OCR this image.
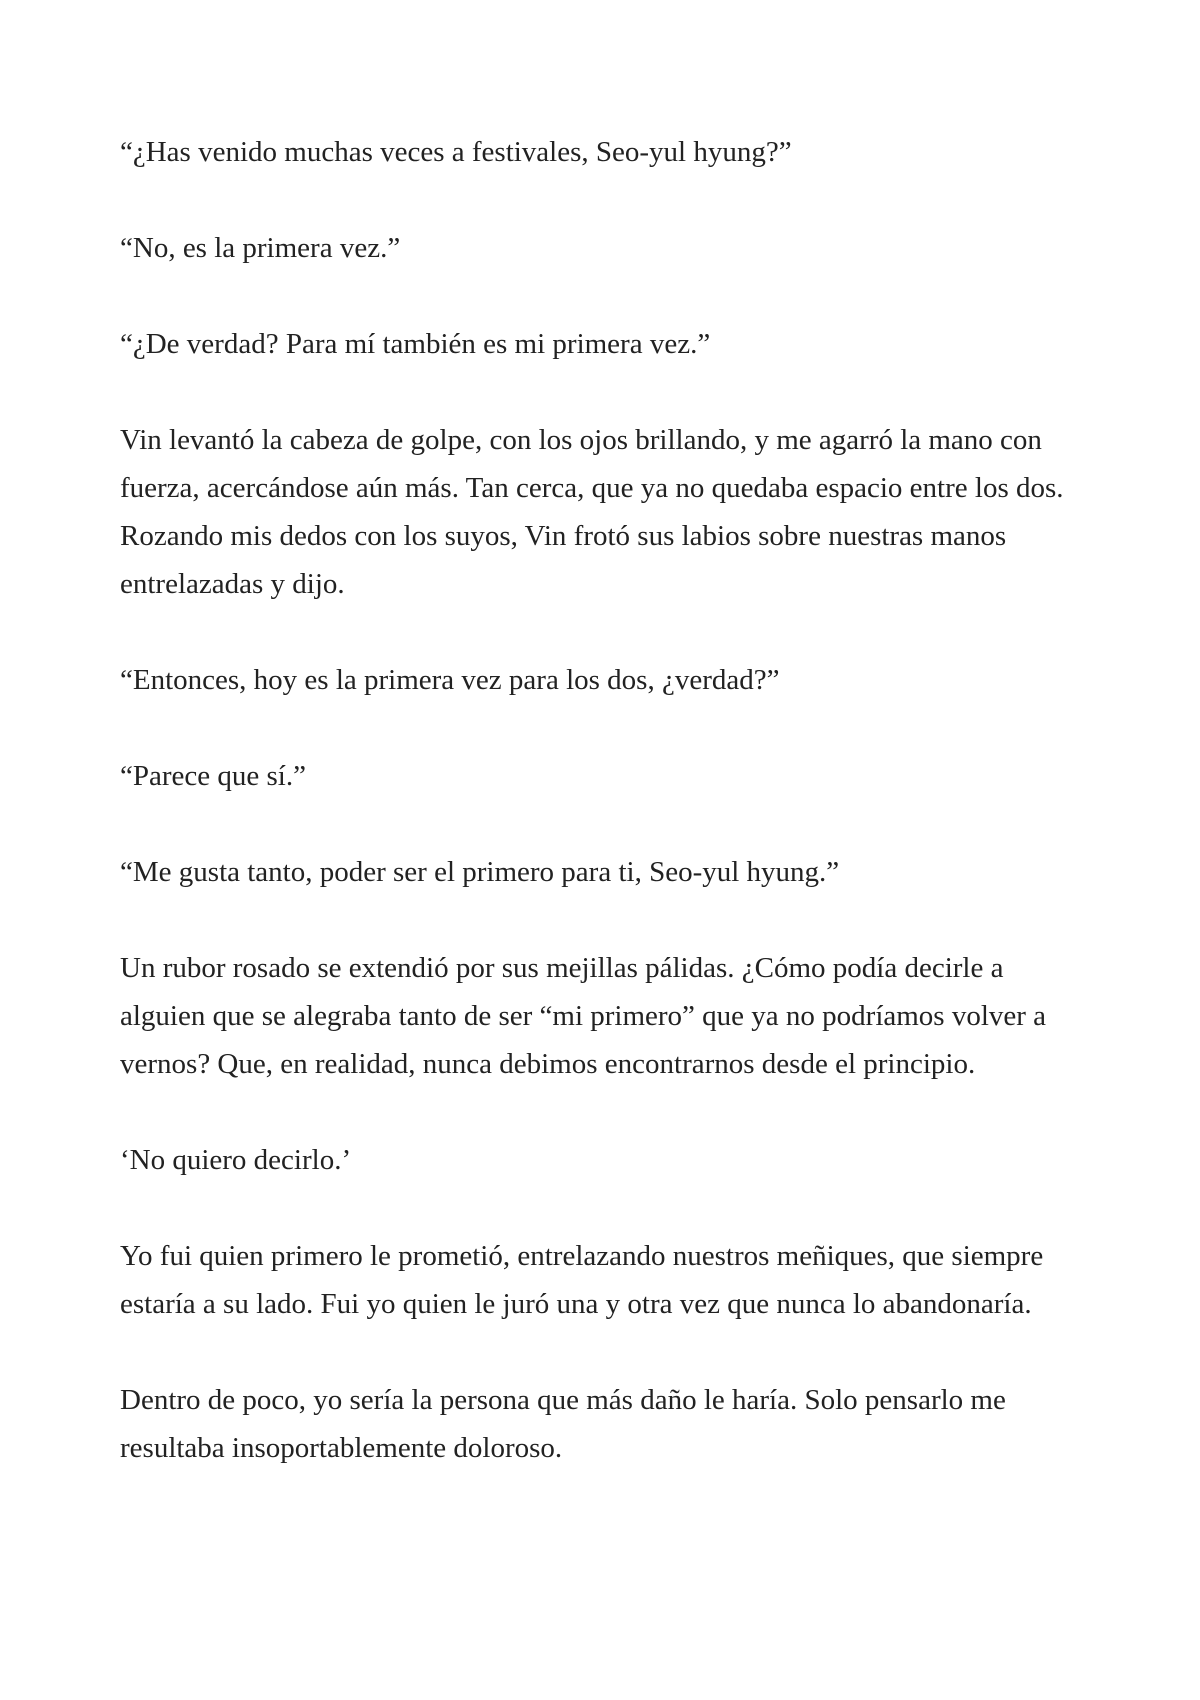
“¿Has venido muchas veces a festivales, Seo-yul hyung?”

“No, es la primera vez.”

“¿De verdad? Para mí también es mi primera vez.”

Vin levantó la cabeza de golpe, con los ojos brillando, y me agarró la mano con fuerza, acercándose aún más. Tan cerca, que ya no quedaba espacio entre los dos. Rozando mis dedos con los suyos, Vin frotó sus labios sobre nuestras manos entrelazadas y dijo.

“Entonces, hoy es la primera vez para los dos, ¿verdad?”

“Parece que sí.”

“Me gusta tanto, poder ser el primero para ti, Seo-yul hyung.”

Un rubor rosado se extendió por sus mejillas pálidas. ¿Cómo podía decirle a alguien que se alegraba tanto de ser “mi primero” que ya no podríamos volver a vernos? Que, en realidad, nunca debimos encontrarnos desde el principio.

‘No quiero decirlo.’

Yo fui quien primero le prometió, entrelazando nuestros meñiques, que siempre estaría a su lado. Fui yo quien le juró una y otra vez que nunca lo abandonaría.

Dentro de poco, yo sería la persona que más daño le haría. Solo pensarlo me resultaba insoportablemente doloroso.
